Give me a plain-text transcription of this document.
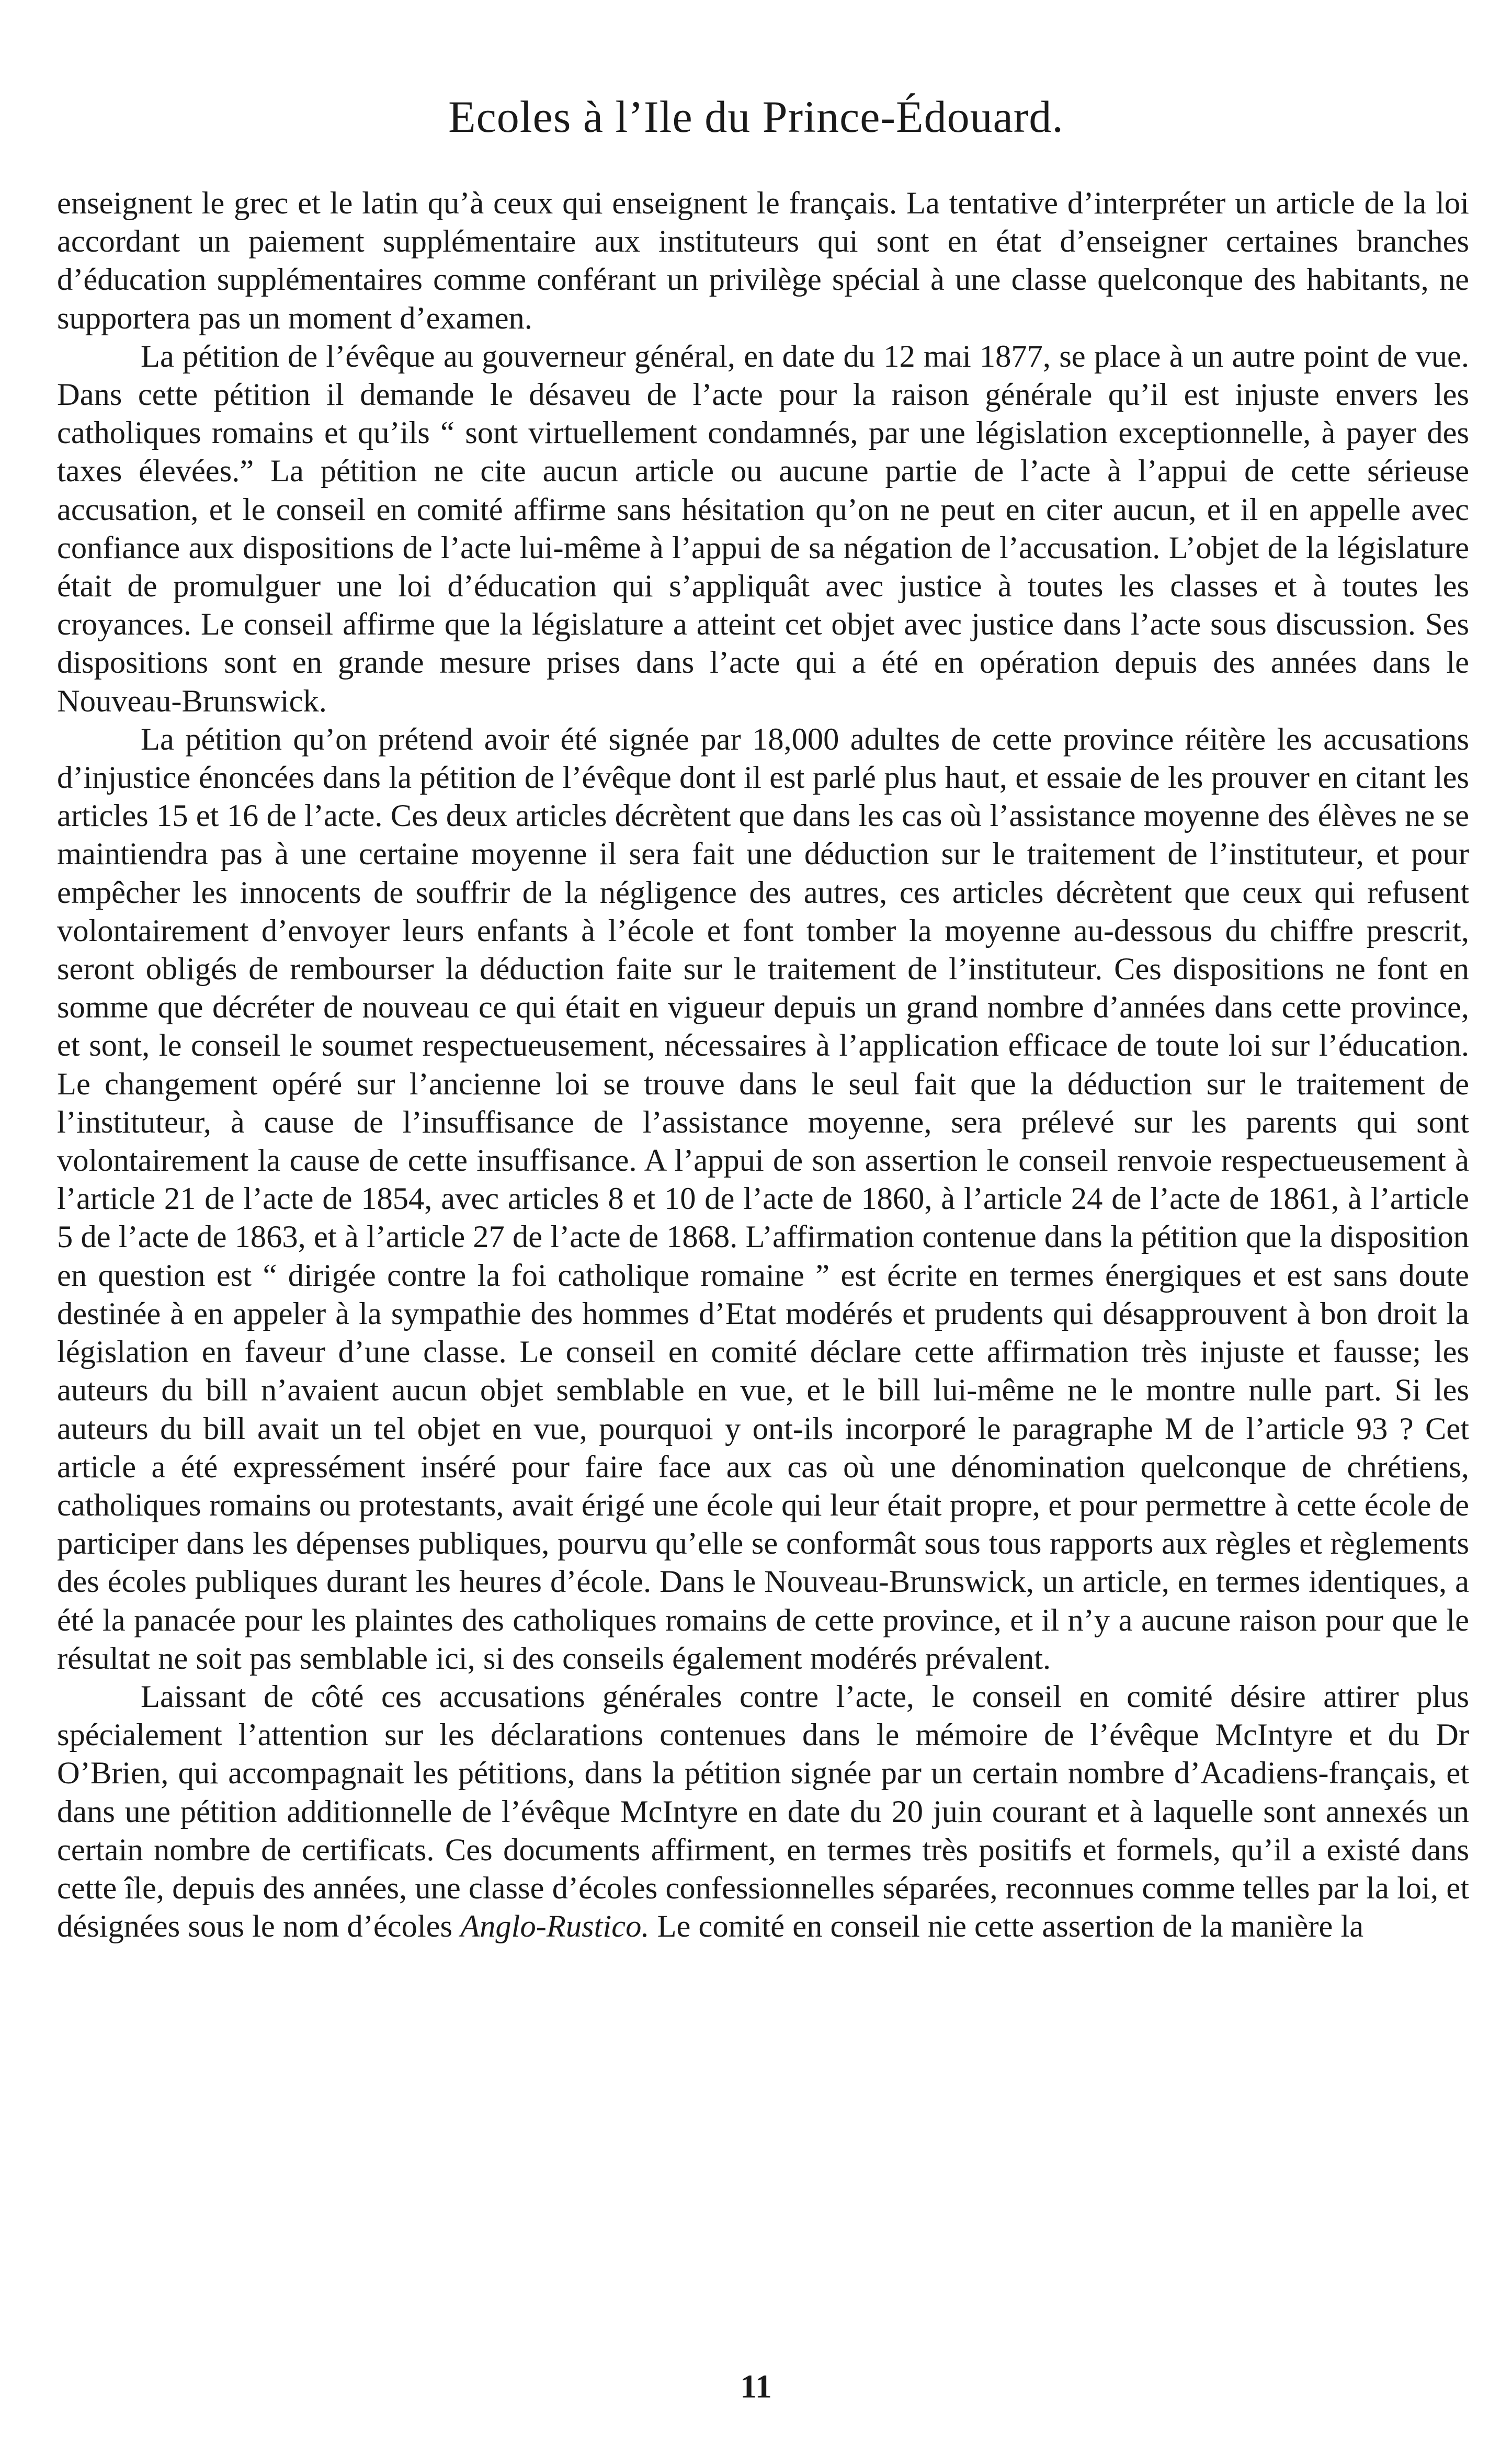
Ecoles à l’Ile du Prince-Édouard.

enseignent le grec et le latin qu’à ceux qui enseignent le français. La tentative d’interpréter un article de la loi accordant un paiement supplémentaire aux instituteurs qui sont en état d’enseigner certaines branches d’éducation supplémentaires comme conférant un privilège spécial à une classe quelconque des habitants, ne supportera pas un moment d’examen.

La pétition de l’évêque au gouverneur général, en date du 12 mai 1877, se place à un autre point de vue. Dans cette pétition il demande le désaveu de l’acte pour la raison générale qu’il est injuste envers les catholiques romains et qu’ils “ sont virtuellement condamnés, par une législation exceptionnelle, à payer des taxes élevées.” La pétition ne cite aucun article ou aucune partie de l’acte à l’appui de cette sérieuse accusation, et le conseil en comité affirme sans hésitation qu’on ne peut en citer aucun, et il en appelle avec confiance aux dispositions de l’acte lui-même à l’appui de sa négation de l’accusation. L’objet de la législature était de promulguer une loi d’éducation qui s’appliquât avec justice à toutes les classes et à toutes les croyances. Le conseil affirme que la législature a atteint cet objet avec justice dans l’acte sous discussion. Ses dispositions sont en grande mesure prises dans l’acte qui a été en opération depuis des années dans le Nouveau-Brunswick.

La pétition qu’on prétend avoir été signée par 18,000 adultes de cette province réitère les accusations d’injustice énoncées dans la pétition de l’évêque dont il est parlé plus haut, et essaie de les prouver en citant les articles 15 et 16 de l’acte. Ces deux articles décrètent que dans les cas où l’assistance moyenne des élèves ne se maintiendra pas à une certaine moyenne il sera fait une déduction sur le traitement de l’instituteur, et pour empêcher les innocents de souffrir de la négligence des autres, ces articles décrètent que ceux qui refusent volontairement d’envoyer leurs enfants à l’école et font tomber la moyenne au-dessous du chiffre prescrit, seront obligés de rembourser la déduction faite sur le traitement de l’instituteur. Ces dispositions ne font en somme que décréter de nouveau ce qui était en vigueur depuis un grand nombre d’années dans cette province, et sont, le conseil le soumet respectueusement, nécessaires à l’application efficace de toute loi sur l’éducation. Le changement opéré sur l’ancienne loi se trouve dans le seul fait que la déduction sur le traitement de l’instituteur, à cause de l’insuffisance de l’assistance moyenne, sera prélevé sur les parents qui sont volontairement la cause de cette insuffisance. A l’appui de son assertion le conseil renvoie respectueusement à l’article 21 de l’acte de 1854, avec articles 8 et 10 de l’acte de 1860, à l’article 24 de l’acte de 1861, à l’article 5 de l’acte de 1863, et à l’article 27 de l’acte de 1868. L’affirmation contenue dans la pétition que la disposition en question est “ dirigée contre la foi catholique romaine ” est écrite en termes énergiques et est sans doute destinée à en appeler à la sympathie des hommes d’Etat modérés et prudents qui désapprouvent à bon droit la législation en faveur d’une classe. Le conseil en comité déclare cette affirmation très injuste et fausse; les auteurs du bill n’avaient aucun objet semblable en vue, et le bill lui-même ne le montre nulle part. Si les auteurs du bill avait un tel objet en vue, pourquoi y ont-ils incorporé le paragraphe M de l’article 93 ? Cet article a été expressément inséré pour faire face aux cas où une dénomination quelconque de chrétiens, catholiques romains ou protestants, avait érigé une école qui leur était propre, et pour permettre à cette école de participer dans les dépenses publiques, pourvu qu’elle se conformât sous tous rapports aux règles et règlements des écoles publiques durant les heures d’école. Dans le Nouveau-Brunswick, un article, en termes identiques, a été la panacée pour les plaintes des catholiques romains de cette province, et il n’y a aucune raison pour que le résultat ne soit pas semblable ici, si des conseils également modérés prévalent.

Laissant de côté ces accusations générales contre l’acte, le conseil en comité désire attirer plus spécialement l’attention sur les déclarations contenues dans le mémoire de l’évêque McIntyre et du Dr O’Brien, qui accompagnait les pétitions, dans la pétition signée par un certain nombre d’Acadiens-français, et dans une pétition additionnelle de l’évêque McIntyre en date du 20 juin courant et à laquelle sont annexés un certain nombre de certificats. Ces documents affirment, en termes très positifs et formels, qu’il a existé dans cette île, depuis des années, une classe d’écoles confessionnelles séparées, reconnues comme telles par la loi, et désignées sous le nom d’écoles Anglo-Rustico. Le comité en conseil nie cette assertion de la manière la

11
